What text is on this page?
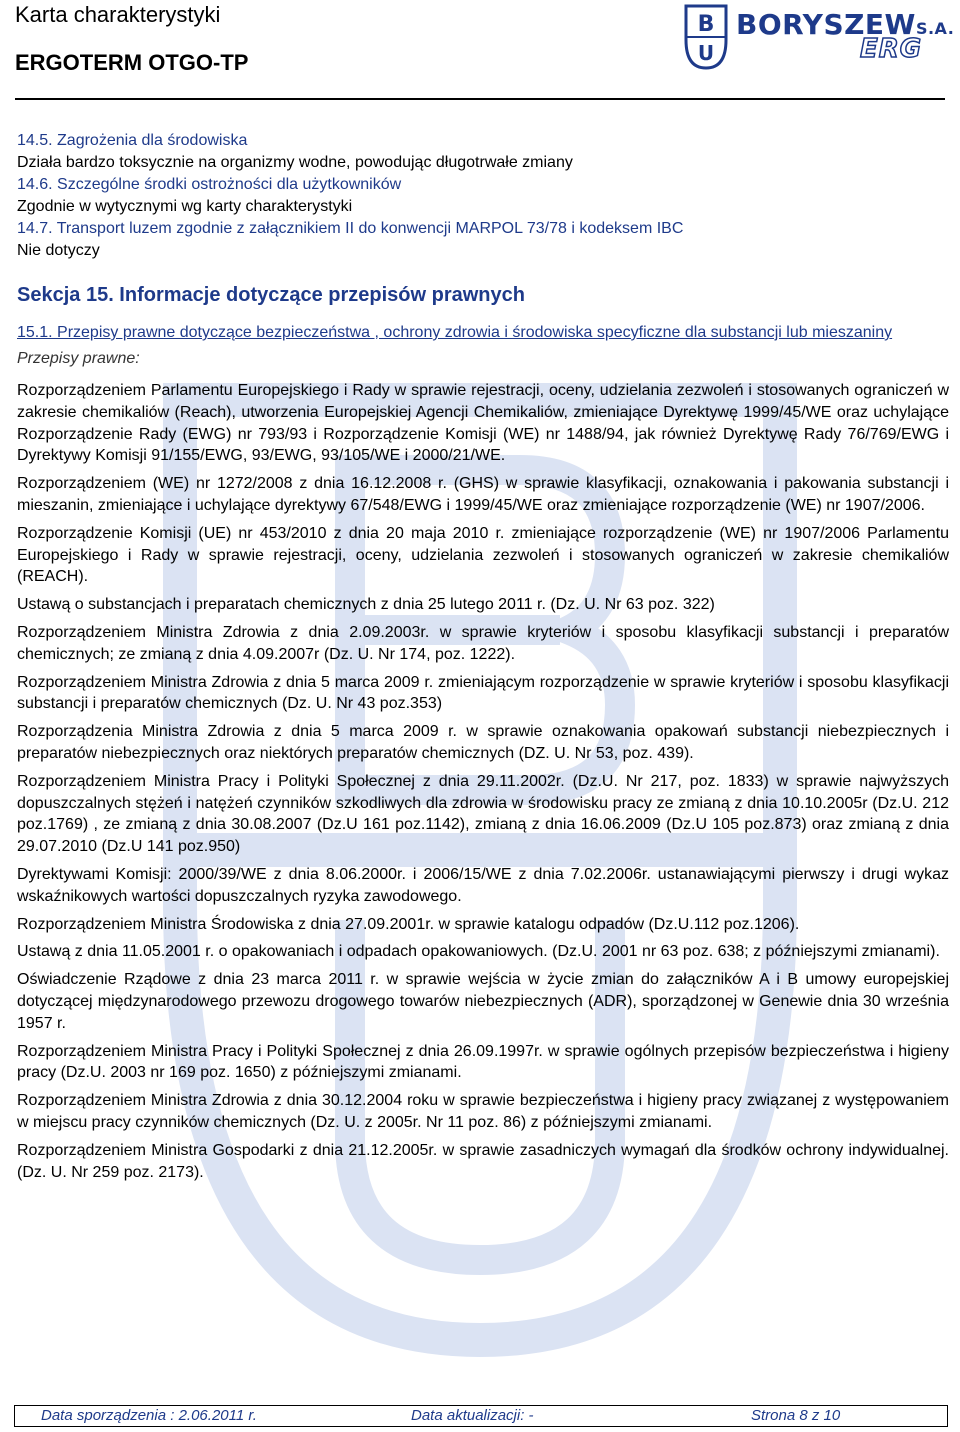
Karta charakterystyki
ERGOTERM OTGO-TP
B
U
BORYSZEWS.A.
ERG
14.5. Zagrożenia dla środowiska
Działa bardzo toksycznie na organizmy wodne, powodując długotrwałe zmiany
14.6. Szczególne środki ostrożności dla użytkowników
Zgodnie w wytycznymi wg karty charakterystyki
14.7. Transport luzem zgodnie z załącznikiem II do konwencji MARPOL 73/78 i kodeksem IBC
Nie dotyczy
Sekcja 15. Informacje dotyczące przepisów prawnych
15.1. Przepisy prawne dotyczące bezpieczeństwa , ochrony zdrowia i środowiska specyficzne dla substancji lub mieszaniny
Przepisy prawne:

Rozporządzeniem Parlamentu Europejskiego i Rady w sprawie rejestracji, oceny, udzielania zezwoleń i stosowanych ograniczeń w zakresie chemikaliów (Reach), utworzenia Europejskiej Agencji Chemikaliów, zmieniające Dyrektywę 1999/45/WE oraz uchylające Rozporządzenie Rady (EWG) nr 793/93 i Rozporządzenie Komisji (WE) nr 1488/94, jak również Dyrektywę Rady 76/769/EWG i Dyrektywy Komisji 91/155/EWG, 93/EWG, 93/105/WE i 2000/21/WE.

Rozporządzeniem (WE) nr 1272/2008 z dnia 16.12.2008 r. (GHS) w sprawie klasyfikacji, oznakowania i pakowania substancji i mieszanin, zmieniające i uchylające dyrektywy 67/548/EWG i 1999/45/WE oraz zmieniające rozporządzenie (WE) nr 1907/2006.

Rozporządzenie Komisji (UE) nr 453/2010 z dnia 20 maja 2010 r. zmieniające rozporządzenie (WE) nr 1907/2006 Parlamentu Europejskiego i Rady w sprawie rejestracji, oceny, udzielania zezwoleń i stosowanych ograniczeń w zakresie chemikaliów (REACH).

Ustawą o substancjach i preparatach chemicznych z dnia 25 lutego 2011 r. (Dz. U. Nr 63 poz. 322)

Rozporządzeniem Ministra Zdrowia z dnia 2.09.2003r. w sprawie kryteriów i sposobu klasyfikacji substancji i preparatów chemicznych; ze zmianą z dnia 4.09.2007r (Dz. U. Nr 174, poz. 1222).

Rozporządzeniem Ministra Zdrowia z dnia 5 marca 2009 r. zmieniającym rozporządzenie w sprawie kryteriów i sposobu klasyfikacji substancji i preparatów chemicznych (Dz. U. Nr 43 poz.353)

Rozporządzenia Ministra Zdrowia z dnia 5 marca 2009 r. w sprawie oznakowania opakowań substancji niebezpiecznych i preparatów niebezpiecznych oraz niektórych preparatów chemicznych (DZ. U. Nr 53, poz. 439).

Rozporządzeniem Ministra Pracy i Polityki Społecznej z dnia 29.11.2002r. (Dz.U. Nr 217, poz. 1833) w sprawie najwyższych dopuszczalnych stężeń i natężeń czynników szkodliwych dla zdrowia w środowisku pracy ze zmianą z dnia 10.10.2005r (Dz.U. 212 poz.1769) , ze zmianą z dnia 30.08.2007 (Dz.U 161 poz.1142), zmianą z dnia 16.06.2009 (Dz.U 105 poz.873) oraz zmianą z dnia 29.07.2010 (Dz.U 141 poz.950)

Dyrektywami Komisji: 2000/39/WE z dnia 8.06.2000r. i 2006/15/WE z dnia 7.02.2006r. ustanawiającymi pierwszy i drugi wykaz wskaźnikowych wartości dopuszczalnych ryzyka zawodowego.

Rozporządzeniem Ministra Środowiska z dnia 27.09.2001r. w sprawie katalogu odpadów (Dz.U.112 poz.1206).

Ustawą z dnia 11.05.2001 r. o opakowaniach i odpadach opakowaniowych. (Dz.U. 2001 nr 63 poz. 638; z późniejszymi zmianami).

Oświadczenie Rządowe z dnia 23 marca 2011 r. w sprawie wejścia w życie zmian do załączników A i B umowy europejskiej dotyczącej międzynarodowego przewozu drogowego towarów niebezpiecznych (ADR), sporządzonej w Genewie dnia 30 września 1957 r.

Rozporządzeniem Ministra Pracy i Polityki Społecznej z dnia 26.09.1997r. w sprawie ogólnych przepisów bezpieczeństwa i higieny pracy (Dz.U. 2003 nr 169 poz. 1650) z późniejszymi zmianami.

Rozporządzeniem Ministra Zdrowia z dnia 30.12.2004 roku w sprawie bezpieczeństwa i higieny pracy związanej z występowaniem w miejscu pracy czynników chemicznych (Dz. U. z 2005r. Nr 11 poz. 86) z późniejszymi zmianami.

Rozporządzeniem Ministra Gospodarki z dnia 21.12.2005r. w sprawie zasadniczych wymagań dla środków ochrony indywidualnej. (Dz. U. Nr 259 poz. 2173).

Data sporządzenia : 2.06.2011 r.	Data aktualizacji: -	Strona 8 z 10
